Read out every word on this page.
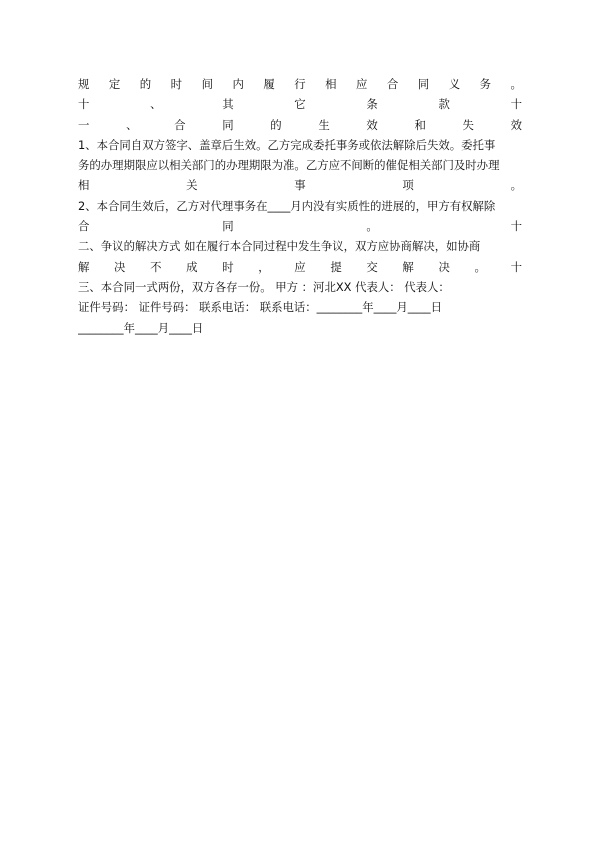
规 定 的 时 间 内 履 行 相 应 合 同 义 务 。
十	、	其	它	条	款	十
一	、	合	同	的	生	效	和	失	效
1、本合同自双方签字、盖章后生效。乙方完成委托事务或依法解除后失效。委托事
务的办理期限应以相关部门的办理期限为准。乙方应不间断的催促相关部门及时办理
相	关	事	项	。
2、本合同生效后，乙方对代理事务在____月内没有实质性的进展的，甲方有权解除
合	同	。	十
二、争议的解决方式 如在履行本合同过程中发生争议，双方应协商解决，如协商
解 决 不 成 时 ， 应 提 交 解 决 。 十
三、本合同一式两份，双方各存一份。 甲方 ：河北XX 代表人： 代表人：
证件号码： 证件号码： 联系电话： 联系电话：________年____月____日
________年____月____日
